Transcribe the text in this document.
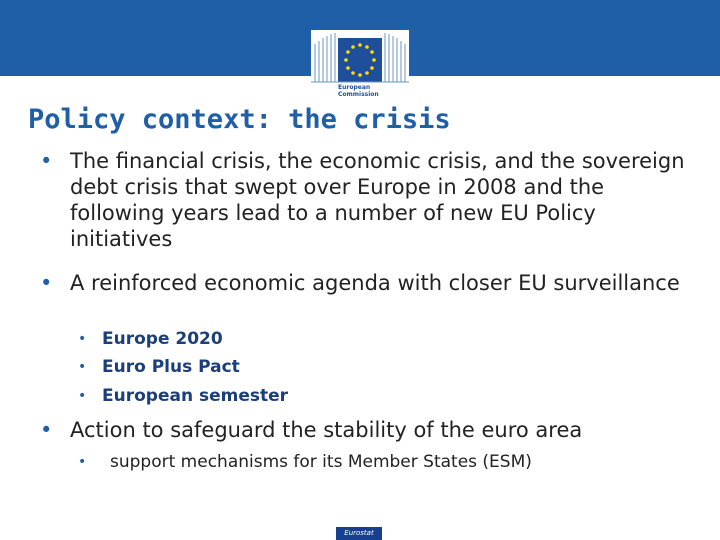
European
Commission
Policy context: the crisis
• The financial crisis, the economic crisis, and the sovereign debt crisis that swept over Europe in 2008 and the following years lead to a number of new EU Policy initiatives
• A reinforced economic agenda with closer EU surveillance
• Europe 2020
• Euro Plus Pact
• European semester
• Action to safeguard the stability of the euro area
• support mechanisms for its Member States (ESM)
Eurostat
